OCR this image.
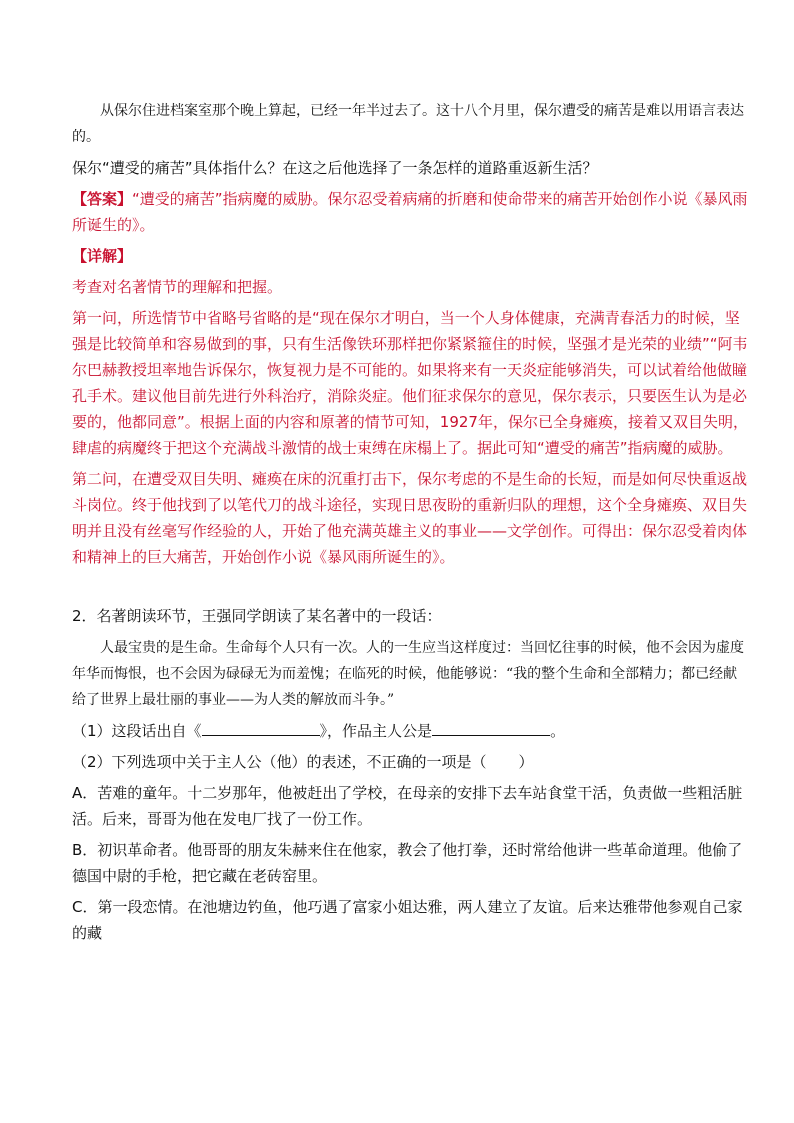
从保尔住进档案室那个晚上算起，已经一年半过去了。这十八个月里，保尔遭受的痛苦是难以用语言表达的。

保尔“遭受的痛苦”具体指什么？在这之后他选择了一条怎样的道路重返新生活？

【答案】“遭受的痛苦”指病魔的威胁。保尔忍受着病痛的折磨和使命带来的痛苦开始创作小说《暴风雨所诞生的》。

【详解】

考查对名著情节的理解和把握。

第一问，所选情节中省略号省略的是“现在保尔才明白，当一个人身体健康，充满青春活力的时候，坚强是比较简单和容易做到的事，只有生活像铁环那样把你紧紧箍住的时候，坚强才是光荣的业绩”“阿韦尔巴赫教授坦率地告诉保尔，恢复视力是不可能的。如果将来有一天炎症能够消失，可以试着给他做瞳孔手术。建议他目前先进行外科治疗，消除炎症。他们征求保尔的意见，保尔表示，只要医生认为是必要的，他都同意”。根据上面的内容和原著的情节可知，1927年，保尔已全身瘫痪，接着又双目失明，肆虐的病魔终于把这个充满战斗激情的战士束缚在床榻上了。据此可知“遭受的痛苦”指病魔的威胁。

第二问，在遭受双目失明、瘫痪在床的沉重打击下，保尔考虑的不是生命的长短，而是如何尽快重返战斗岗位。终于他找到了以笔代刀的战斗途径，实现日思夜盼的重新归队的理想，这个全身瘫痪、双目失明并且没有丝毫写作经验的人，开始了他充满英雄主义的事业——文学创作。可得出：保尔忍受着肉体和精神上的巨大痛苦，开始创作小说《暴风雨所诞生的》。

2．名著朗读环节，王强同学朗读了某名著中的一段话：

人最宝贵的是生命。生命每个人只有一次。人的一生应当这样度过：当回忆往事的时候，他不会因为虚度年华而悔恨，也不会因为碌碌无为而羞愧；在临死的时候，他能够说：“我的整个生命和全部精力；都已经献给了世界上最壮丽的事业——为人类的解放而斗争。”

（1）这段话出自《	》，作品主人公是	。

（2）下列选项中关于主人公（他）的表述，不正确的一项是（ ）

A．苦难的童年。十二岁那年，他被赶出了学校，在母亲的安排下去车站食堂干活，负责做一些粗活脏活。后来，哥哥为他在发电厂找了一份工作。

B．初识革命者。他哥哥的朋友朱赫来住在他家，教会了他打拳，还时常给他讲一些革命道理。他偷了德国中尉的手枪，把它藏在老砖窑里。

C．第一段恋情。在池塘边钓鱼，他巧遇了富家小姐达雅，两人建立了友谊。后来达雅带他参观自己家的藏
